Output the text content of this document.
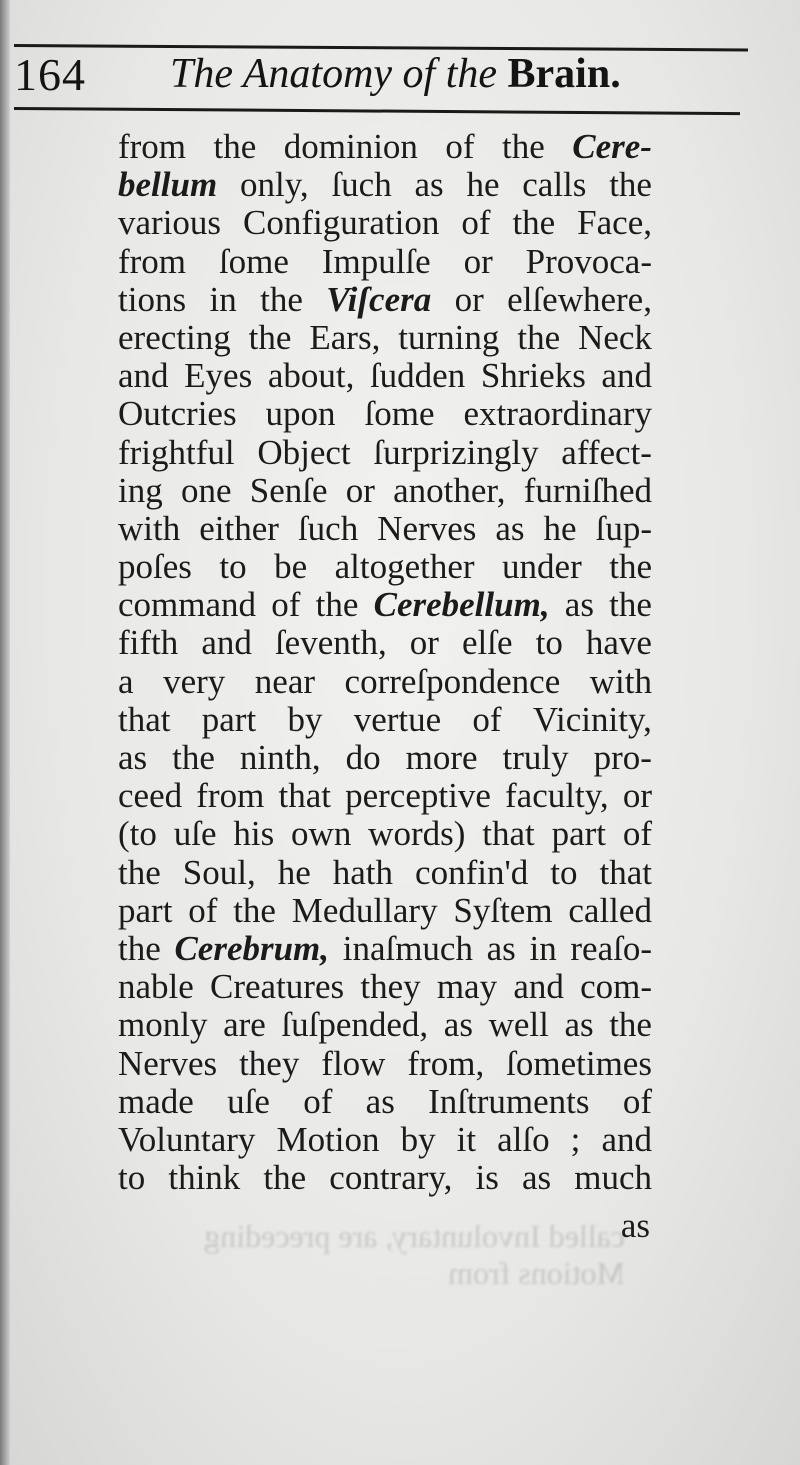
164 The Anatomy of the Brain.
from the dominion of the Cere-
bellum only, ſuch as he calls the
various Configuration of the Face,
from ſome Impulſe or Provoca-
tions in the Viſcera or elſewhere,
erecting the Ears, turning the Neck
and Eyes about, ſudden Shrieks and
Outcries upon ſome extraordinary
frightful Object ſurprizingly affect-
ing one Senſe or another, furniſhed
with either ſuch Nerves as he ſup-
poſes to be altogether under the
command of the Cerebellum, as the
fifth and ſeventh, or elſe to have
a very near correſpondence with
that part by vertue of Vicinity,
as the ninth, do more truly pro-
ceed from that perceptive faculty, or
(to uſe his own words) that part of
the Soul, he hath confin'd to that
part of the Medullary Syſtem called
the Cerebrum, inaſmuch as in reaſo-
nable Creatures they may and com-
monly are ſuſpended, as well as the
Nerves they flow from, ſometimes
made uſe of as Inſtruments of
Voluntary Motion by it alſo ; and
to think the contrary, is as much
as
called Involuntary, are preceding Motions from
